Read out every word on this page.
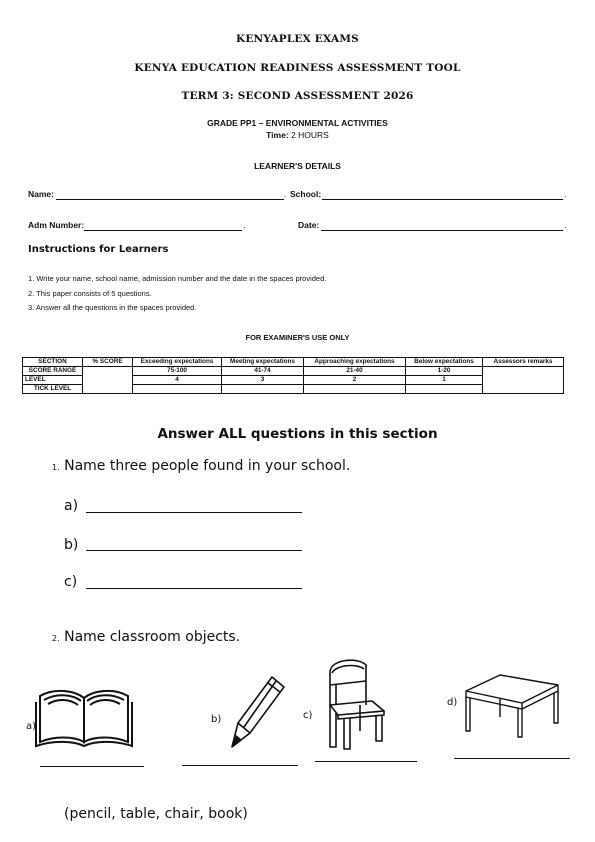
KENYAPLEX EXAMS
KENYA EDUCATION READINESS ASSESSMENT TOOL
TERM 3: SECOND ASSESSMENT 2026
GRADE PP1 – ENVIRONMENTAL ACTIVITIES
Time: 2 HOURS
LEARNER'S DETAILS
Name:	. School:	.
Adm Number:	.	Date:	.
Instructions for Learners
1. Write your name, school name, admission number and the date in the spaces provided.
2. This paper consists of 5 questions.
3. Answer all the questions in the spaces provided.
FOR EXAMINER'S USE ONLY
SECTION	% SCORE	Exceeding expectations	Meeting expectations	Approaching expectations	Below expectations	Assessors remarks
SCORE RANGE		75-100	41-74	21-40	1-20	
LEVEL		4	3	2	1	
TICK LEVEL						
Answer ALL questions in this section
1. Name three people found in your school.
a)
b)
c)
2. Name classroom objects.
a)
b)	c)
d)
(pencil, table, chair, book)
